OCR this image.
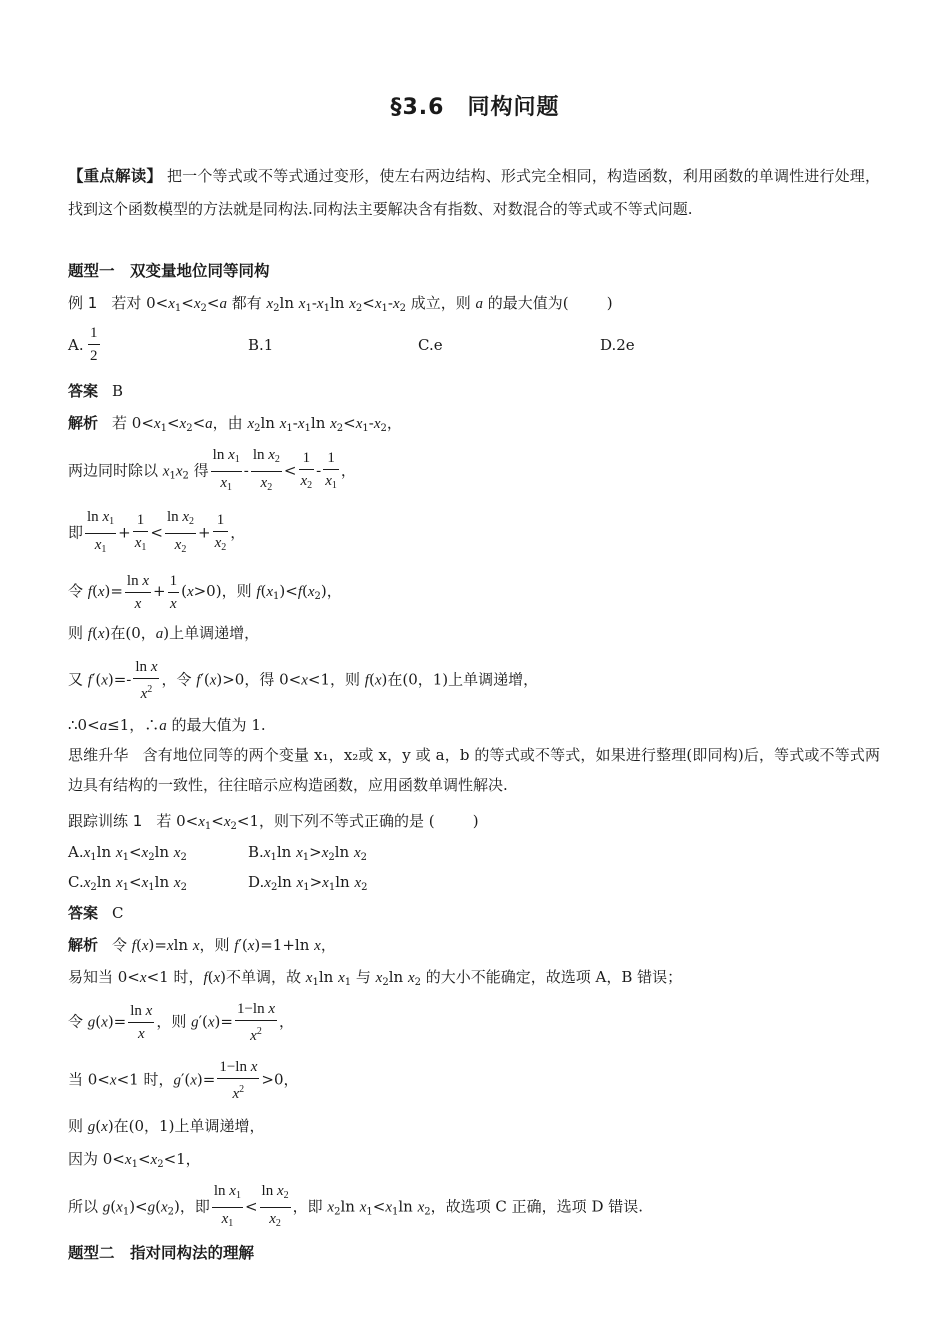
§3.6　同构问题
【重点解读】 把一个等式或不等式通过变形，使左右两边结构、形式完全相同，构造函数，利用函数的单调性进行处理，找到这个函数模型的方法就是同构法.同构法主要解决含有指数、对数混合的等式或不等式问题.
题型一　双变量地位同等同构
例 1 若对 $0<x_1<x_2<a$ 都有 $x_2\ln$ $x_1-x_1\ln$ $x_2<x_1-x_2$ 成立，则 a 的最大值为(        )
A. $\frac{1}{2}$	B.1	C.e	D.2e
答案 B
解析 若 $0<x_1<x_2<a$，由 $x_2\ln$ $x_1-x_1\ln$ $x_2<x_1-x_2$，
两边同时除以 $x_1x_2$ 得 $\frac{\ln x_1}{x_1} - \frac{\ln x_2}{x_2} < \frac{1}{x_2} - \frac{1}{x_1}$ ，
即 $\frac{\ln x_1}{x_1} + \frac{1}{x_1} < \frac{\ln x_2}{x_2} + \frac{1}{x_2}$ ，
令 $f(x)= \frac{\text{ln x}}{x} + \frac{1}{x} (x>0)$，则 $f(x_1)<f(x_2)$，
则 f(x)在(0，a)上单调递增，
又 $f'(x)=- \frac{\text{ln x}}{x^2}$ ，令 f′(x)>0，得 0<x<1，则 f(x)在(0，1)上单调递增，
∴0<a≤1，∴a 的最大值为 1.
思维升华 含有地位同等的两个变量 x₁，x₂或 x，y 或 a，b 的等式或不等式，如果进行整理(即同构)后，等式或不等式两边具有结构的一致性，往往暗示应构造函数，应用函数单调性解决.
跟踪训练 1 若 $0<x_1<x_2<1$，则下列不等式正确的是 (        )
$A.x_1\ln$ $x_1<x_2\ln$ $x_2$	$B.x_1\ln$ $x_1>x_2\ln$ $x_2$
$C.x_2\ln$ $x_1<x_1\ln$ $x_2$	$D.x_2\ln$ $x_1>x_1\ln$ $x_2$
答案 C
解析 令 f(x)=xln x，则 f′(x)=1+ln x，
易知当 0<x<1 时，f(x)不单调，故 $x_1\ln$ $x_1$ 与 $x_2\ln$ $x_2$ 的大小不能确定，故选项 A，B 错误；
令 $g(x)= \frac{\text{ln x}}{x}$ ，则 $g'(x)= \frac{\text{1−ln x}}{x^2}$ ，
当 0<x<1 时，$g'(x)= \frac{\text{1−ln x}}{x^2} >0$，
则 g(x)在(0，1)上单调递增，
因为 $0<x_1<x_2<1$，
所以 $g(x_1)<g(x_2)$，即 $\frac{\ln x_1}{x_1} < \frac{\ln x_2}{x_2}$ ，即 $x_2\ln$ $x_1<x_1\ln$ $x_2$，故选项 C 正确，选项 D 错误.
题型二　指对同构法的理解
